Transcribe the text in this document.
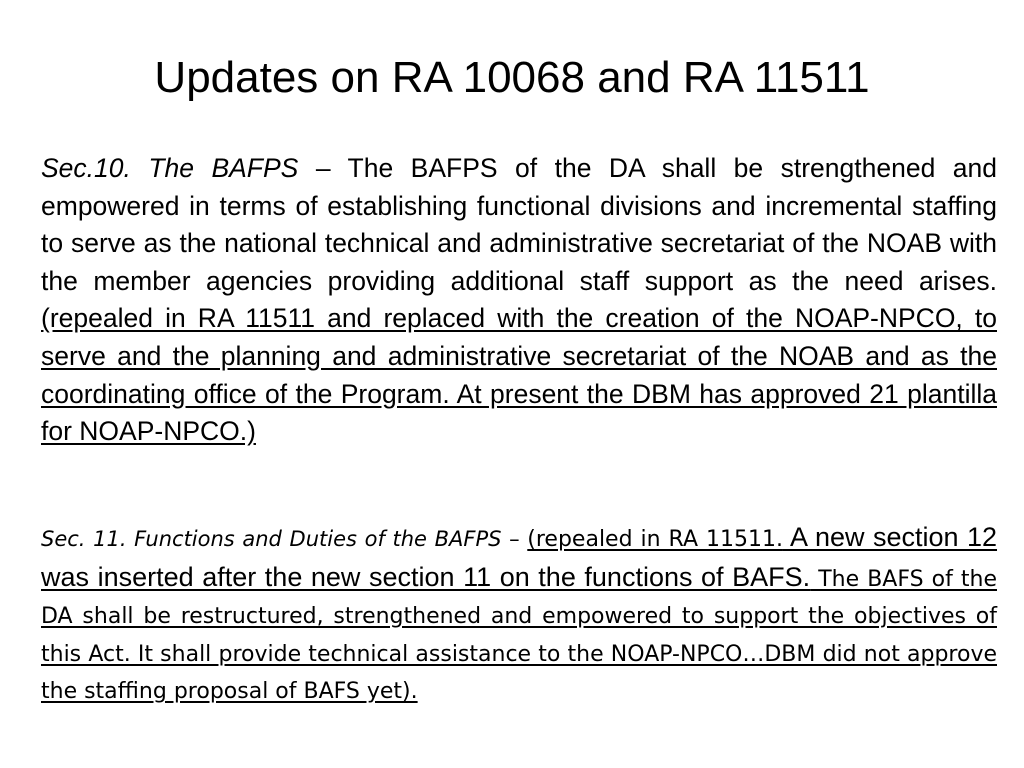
Updates on RA 10068 and RA 11511

Sec.10. The BAFPS – The BAFPS of the DA shall be strengthened and empowered in terms of establishing functional divisions and incremental staffing to serve as the national technical and administrative secretariat of the NOAB with the member agencies providing additional staff support as the need arises. (repealed in RA 11511 and replaced with the creation of the NOAP-NPCO, to serve and the planning and administrative secretariat of the NOAB and as the coordinating office of the Program. At present the DBM has approved 21 plantilla for NOAP-NPCO.)

Sec. 11. Functions and Duties of the BAFPS – (repealed in RA 11511. A new section 12 was inserted after the new section 11 on the functions of BAFS. The BAFS of the DA shall be restructured, strengthened and empowered to support the objectives of this Act. It shall provide technical assistance to the NOAP-NPCO…DBM did not approve the staffing proposal of BAFS yet).
